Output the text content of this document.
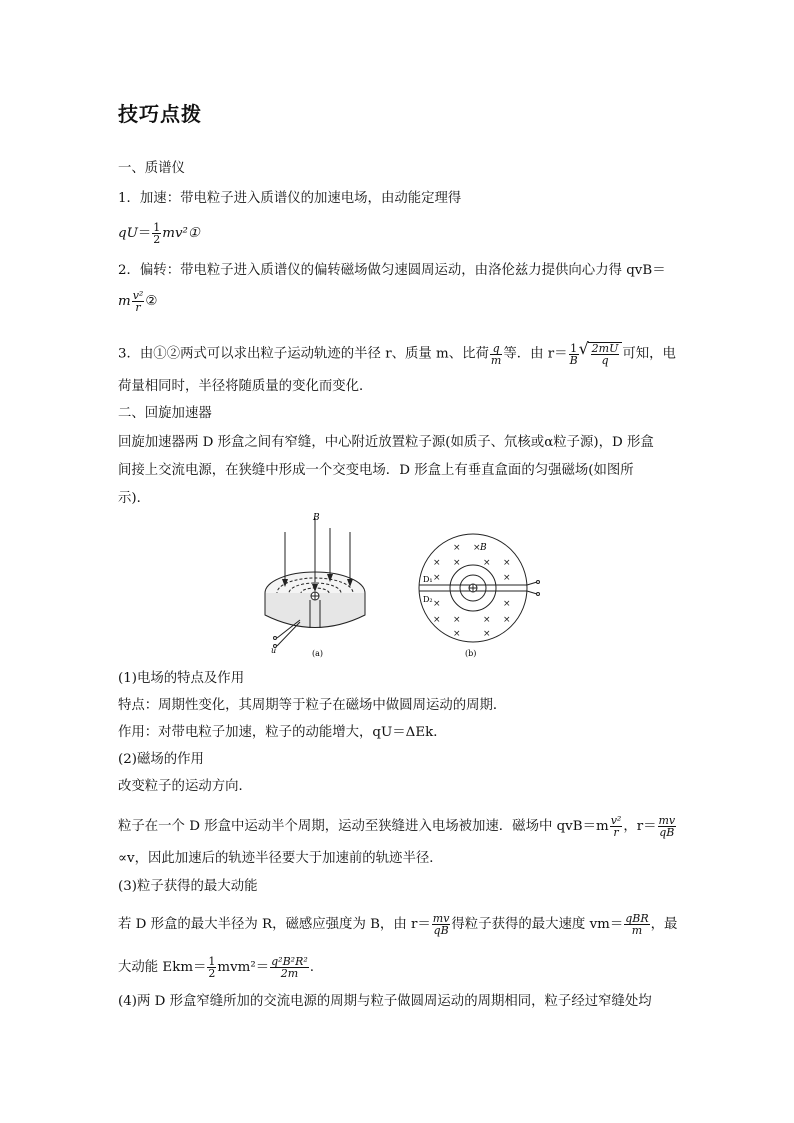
技巧点拨
一、质谱仪
1．加速：带电粒子进入质谱仪的加速电场，由动能定理得
$qU= \frac{1}{2}$ mv²①
2．偏转：带电粒子进入质谱仪的偏转磁场做匀速圆周运动，由洛伦兹力提供向心力得 qvB＝
m $\frac{\text{v²}}{r}$ ②
3．由①②两式可以求出粒子运动轨迹的半径 r、质量 m、比荷 $\frac{q}{m}$ 等．由 $r= \frac{1}{B}$
√ $\frac{2mU}{q}$ 可知，电
荷量相同时，半径将随质量的变化而变化．
二、回旋加速器
回旋加速器两 D 形盒之间有窄缝，中心附近放置粒子源(如质子、氘核或α粒子源)，D 形盒
间接上交流电源，在狭缝中形成一个交变电场．D 形盒上有垂直盒面的匀强磁场(如图所
示)．
B
u	(a)
× ×
× × × ×
×	×
×	×
× × × ×
× ×
B
D₁
D₂
(b)
(1)电场的特点及作用
特点：周期性变化，其周期等于粒子在磁场中做圆周运动的周期．
作用：对带电粒子加速，粒子的动能增大，qU＝ΔEk．
(2)磁场的作用
改变粒子的运动方向．
粒子在一个 D 形盒中运动半个周期，运动至狭缝进入电场被加速．磁场中 $qvB=m \frac{\text{v²}}{r}$ ，$r= \frac{mv}{qB}$
∝v，因此加速后的轨迹半径要大于加速前的轨迹半径．
(3)粒子获得的最大动能
若 D 形盒的最大半径为 R，磁感应强度为 B，由 $r= \frac{mv}{qB}$ 得粒子获得的最大速度 $vm= \frac{\text{qBR}}{m}$ ，最
大动能 $Ekm= \frac{1}{2} mvm^2= \frac{\text{q²B²R²}}{2m}$ .
(4)两 D 形盒窄缝所加的交流电源的周期与粒子做圆周运动的周期相同，粒子经过窄缝处均
